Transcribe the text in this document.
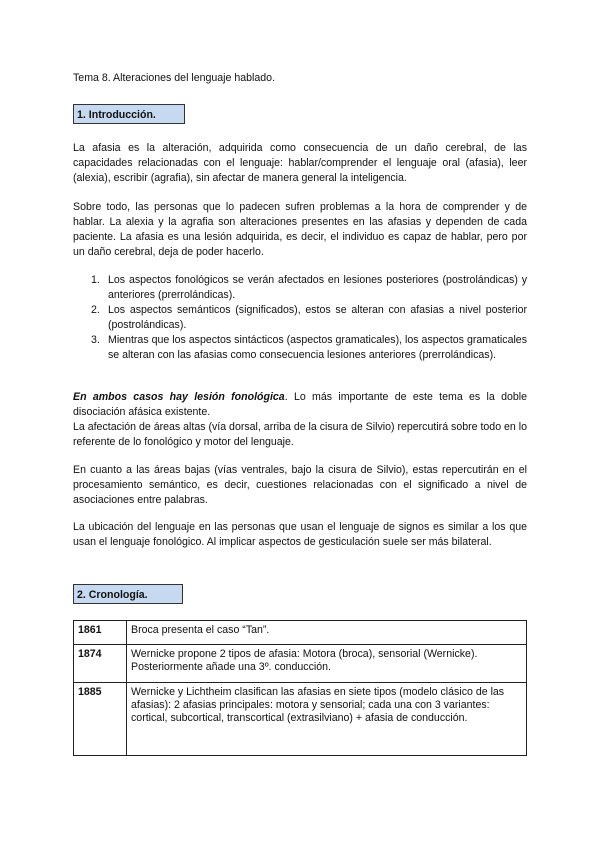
Tema 8. Alteraciones del lenguaje hablado.
1. Introducción.
La afasia es la alteración, adquirida como consecuencia de un daño cerebral, de las capacidades relacionadas con el lenguaje: hablar/comprender el lenguaje oral (afasia), leer (alexia), escribir (agrafia), sin afectar de manera general la inteligencia.
Sobre todo, las personas que lo padecen sufren problemas a la hora de comprender y de hablar. La alexia y la agrafia son alteraciones presentes en las afasias y dependen de cada paciente. La afasia es una lesión adquirida, es decir, el individuo es capaz de hablar, pero por un daño cerebral, deja de poder hacerlo.
1. Los aspectos fonológicos se verán afectados en lesiones posteriores (postrolándicas) y anteriores (prerrolándicas).
2. Los aspectos semánticos (significados), estos se alteran con afasias a nivel posterior (postrolándicas).
3. Mientras que los aspectos sintácticos (aspectos gramaticales), los aspectos gramaticales se alteran con las afasias como consecuencia lesiones anteriores (prerrolándicas).

En ambos casos hay lesión fonológica. Lo más importante de este tema es la doble disociación afásica existente.

La afectación de áreas altas (vía dorsal, arriba de la cisura de Silvio) repercutirá sobre todo en lo referente de lo fonológico y motor del lenguaje.

En cuanto a las áreas bajas (vías ventrales, bajo la cisura de Silvio), estas repercutirán en el procesamiento semántico, es decir, cuestiones relacionadas con el significado a nivel de asociaciones entre palabras.
La ubicación del lenguaje en las personas que usan el lenguaje de signos es similar a los que usan el lenguaje fonológico. Al implicar aspectos de gesticulación suele ser más bilateral.
2. Cronología.
1861	Broca presenta el caso “Tan”.
1874	Wernicke propone 2 tipos de afasia: Motora (broca), sensorial (Wernicke). Posteriormente añade una 3º. conducción.
1885	Wernicke y Lichtheim clasifican las afasias en siete tipos (modelo clásico de las afasias): 2 afasias principales: motora y sensorial; cada una con 3 variantes: cortical, subcortical, transcortical (extrasilviano) + afasia de conducción.
